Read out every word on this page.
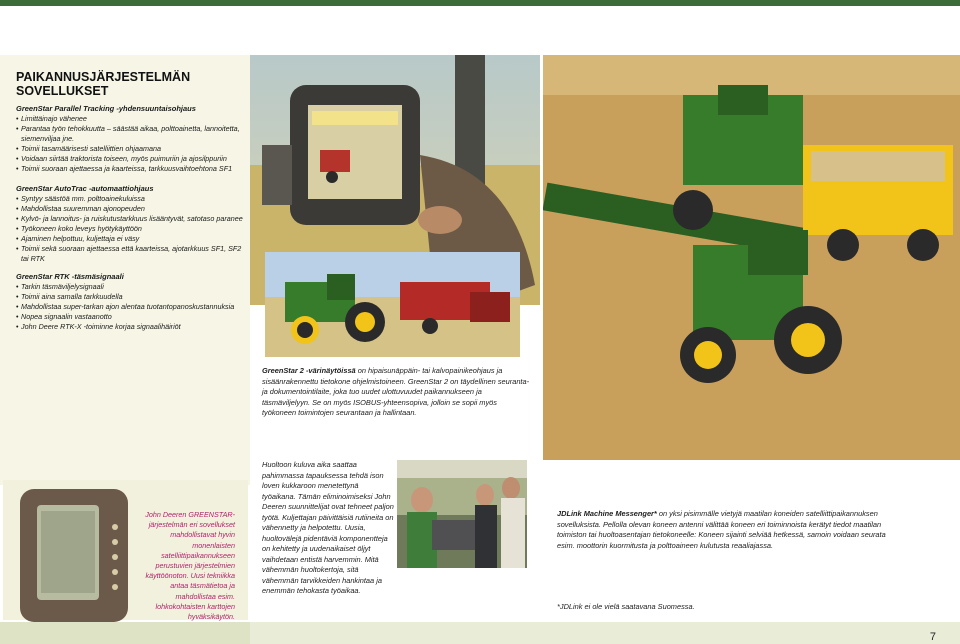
PAIKANNUSJÄRJESTELMÄN
SOVELLUKSET
GreenStar Parallel Tracking -yhdensuuntaisohjaus
• Limittäinajo vähenee
• Parantaa työn tehokkuutta – säästää aikaa, polttoainetta, lannoitetta, siemenviljaa jne.
• Toimii tasamäärisesti satelliittien ohjaamana
• Voidaan siirtää traktorista toiseen, myös puimuriin ja ajosilppuriin
• Toimii suoraan ajettaessa ja kaarteissa, tarkkuusvaihtoehtona SF1
GreenStar AutoTrac -automaattiohjaus
• Syntyy säästöä mm. polttoainekuluissa
• Mahdollistaa suuremman ajonopeuden
• Kylvö- ja lannoitus- ja ruiskutustarkkuus lisääntyvät, satotaso paranee
• Työkoneen koko leveys hyötykäyttöön
• Ajaminen helpottuu, kuljettaja ei väsy
• Toimii sekä suoraan ajettaessa että kaarteissa, ajotarkkuus SF1, SF2 tai RTK
GreenStar RTK -täsmäsignaali
• Tarkin täsmäviljelysignaali
• Toimii aina samalla tarkkuudella
• Mahdollistaa super-tarkan ajon alentaa tuotantopanoskustannuksia
• Nopea signaalin vastaanotto
• John Deere RTK-X -toiminne korjaa signaalihäiriöt
GreenStar 2 -värinäytöissä on hipaisunäppäin- tai kalvopainikeohjaus ja sisäänrakennettu tietokone ohjelmistoineen. GreenStar 2 on täydellinen seuranta- ja dokumentointilaite, joka tuo uudet ulottuvuudet paikannukseen ja täsmäviljelyyn. Se on myös ISOBUS-yhteensopiva, jolloin se sopii myös työkoneen toimintojen seurantaan ja hallintaan.
John Deeren GREENSTAR-järjestelmän eri sovellukset mahdollistavat hyvin monenlaisten satelliittipaikannukseen perustuvien järjestelmien käyttöönoton. Uusi tekniikka antaa täsmätietoa ja mahdollistaa esim. lohkokohtaisten karttojen hyväksikäytön.
Huoltoon kuluva aika saattaa pahimmassa tapauksessa tehdä ison loven kukkaroon menetettynä työaikana. Tämän eliminoimiseksi John Deeren suunnittelijat ovat tehneet paljon työtä. Kuljettajan päivittäisiä rutiineita on vähennetty ja helpotettu. Uusia, huoltovälejä pidentäviä komponentteja on kehitetty ja uudenaikaiset öljyt vaihdetaan entistä harvemmin. Mitä vähemmän huoltokertoja, sitä vähemmän tarvikkeiden hankintaa ja enemmän tehokasta työaikaa.
JDLink Machine Messenger* on yksi pisimmälle vietyjä maatilan koneiden satelliittipaikannuksen sovelluksista. Pellolla olevan koneen antenni välittää koneen eri toiminnoista kerätyt tiedot maatilan toimiston tai huoltoasentajan tietokoneelle: Koneen sijainti selviää hetkessä, samoin voidaan seurata esim. moottorin kuormitusta ja polttoaineen kulutusta reaaliajassa.
*JDLink ei ole vielä saatavana Suomessa.
7
